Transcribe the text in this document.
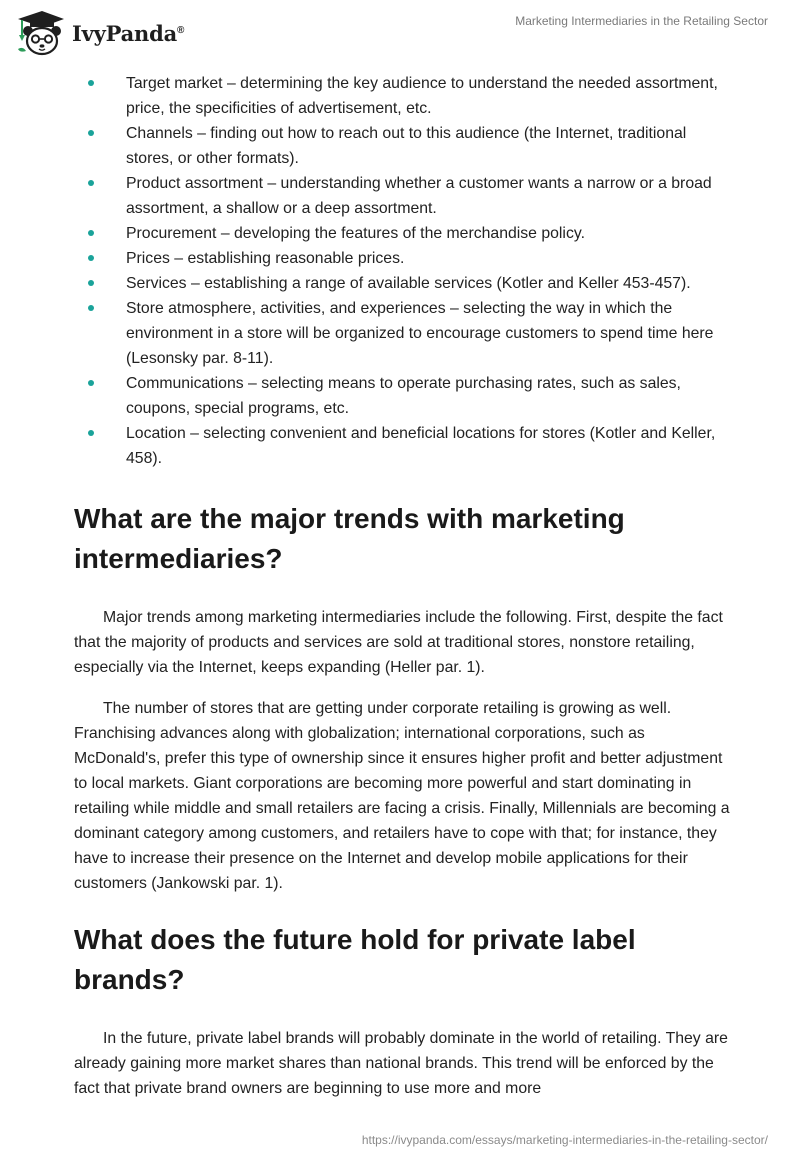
IvyPanda®
Marketing Intermediaries in the Retailing Sector
Target market – determining the key audience to understand the needed assortment, price, the specificities of advertisement, etc.
Channels – finding out how to reach out to this audience (the Internet, traditional stores, or other formats).
Product assortment – understanding whether a customer wants a narrow or a broad assortment, a shallow or a deep assortment.
Procurement – developing the features of the merchandise policy.
Prices – establishing reasonable prices.
Services – establishing a range of available services (Kotler and Keller 453-457).
Store atmosphere, activities, and experiences – selecting the way in which the environment in a store will be organized to encourage customers to spend time here (Lesonsky par. 8-11).
Communications – selecting means to operate purchasing rates, such as sales, coupons, special programs, etc.
Location – selecting convenient and beneficial locations for stores (Kotler and Keller, 458).
What are the major trends with marketing intermediaries?

Major trends among marketing intermediaries include the following. First, despite the fact that the majority of products and services are sold at traditional stores, nonstore retailing, especially via the Internet, keeps expanding (Heller par. 1).

The number of stores that are getting under corporate retailing is growing as well. Franchising advances along with globalization; international corporations, such as McDonald's, prefer this type of ownership since it ensures higher profit and better adjustment to local markets. Giant corporations are becoming more powerful and start dominating in retailing while middle and small retailers are facing a crisis. Finally, Millennials are becoming a dominant category among customers, and retailers have to cope with that; for instance, they have to increase their presence on the Internet and develop mobile applications for their customers (Jankowski par. 1).

What does the future hold for private label brands?

In the future, private label brands will probably dominate in the world of retailing. They are already gaining more market shares than national brands. This trend will be enforced by the fact that private brand owners are beginning to use more and more

https://ivypanda.com/essays/marketing-intermediaries-in-the-retailing-sector/
